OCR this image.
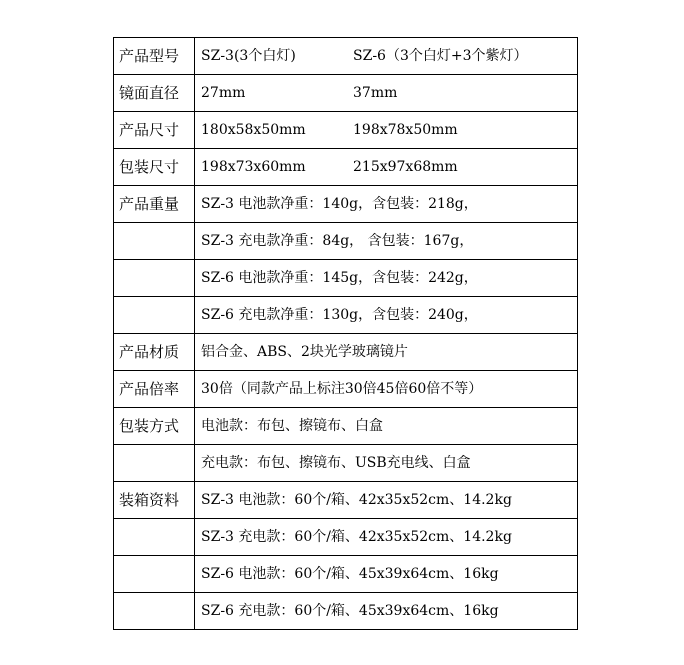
产品型号	SZ-3(3个白灯) SZ-6（3个白灯+3个紫灯）
镜面直径	27mm 37mm
产品尺寸	180x58x50mm 198x78x50mm
包装尺寸	198x73x60mm 215x97x68mm
产品重量	SZ-3 电池款净重：140g，含包装：218g，
	SZ-3 充电款净重：84g， 含包装：167g，
	SZ-6 电池款净重：145g，含包装：242g，
	SZ-6 充电款净重：130g，含包装：240g，
产品材质	铝合金、ABS、2块光学玻璃镜片
产品倍率	30倍（同款产品上标注30倍45倍60倍不等）
包装方式	电池款：布包、擦镜布、白盒
	充电款：布包、擦镜布、USB充电线、白盒
装箱资料	SZ-3 电池款：60个/箱、42x35x52cm、14.2kg
	SZ-3 充电款：60个/箱、42x35x52cm、14.2kg
	SZ-6 电池款：60个/箱、45x39x64cm、16kg
	SZ-6 充电款：60个/箱、45x39x64cm、16kg
